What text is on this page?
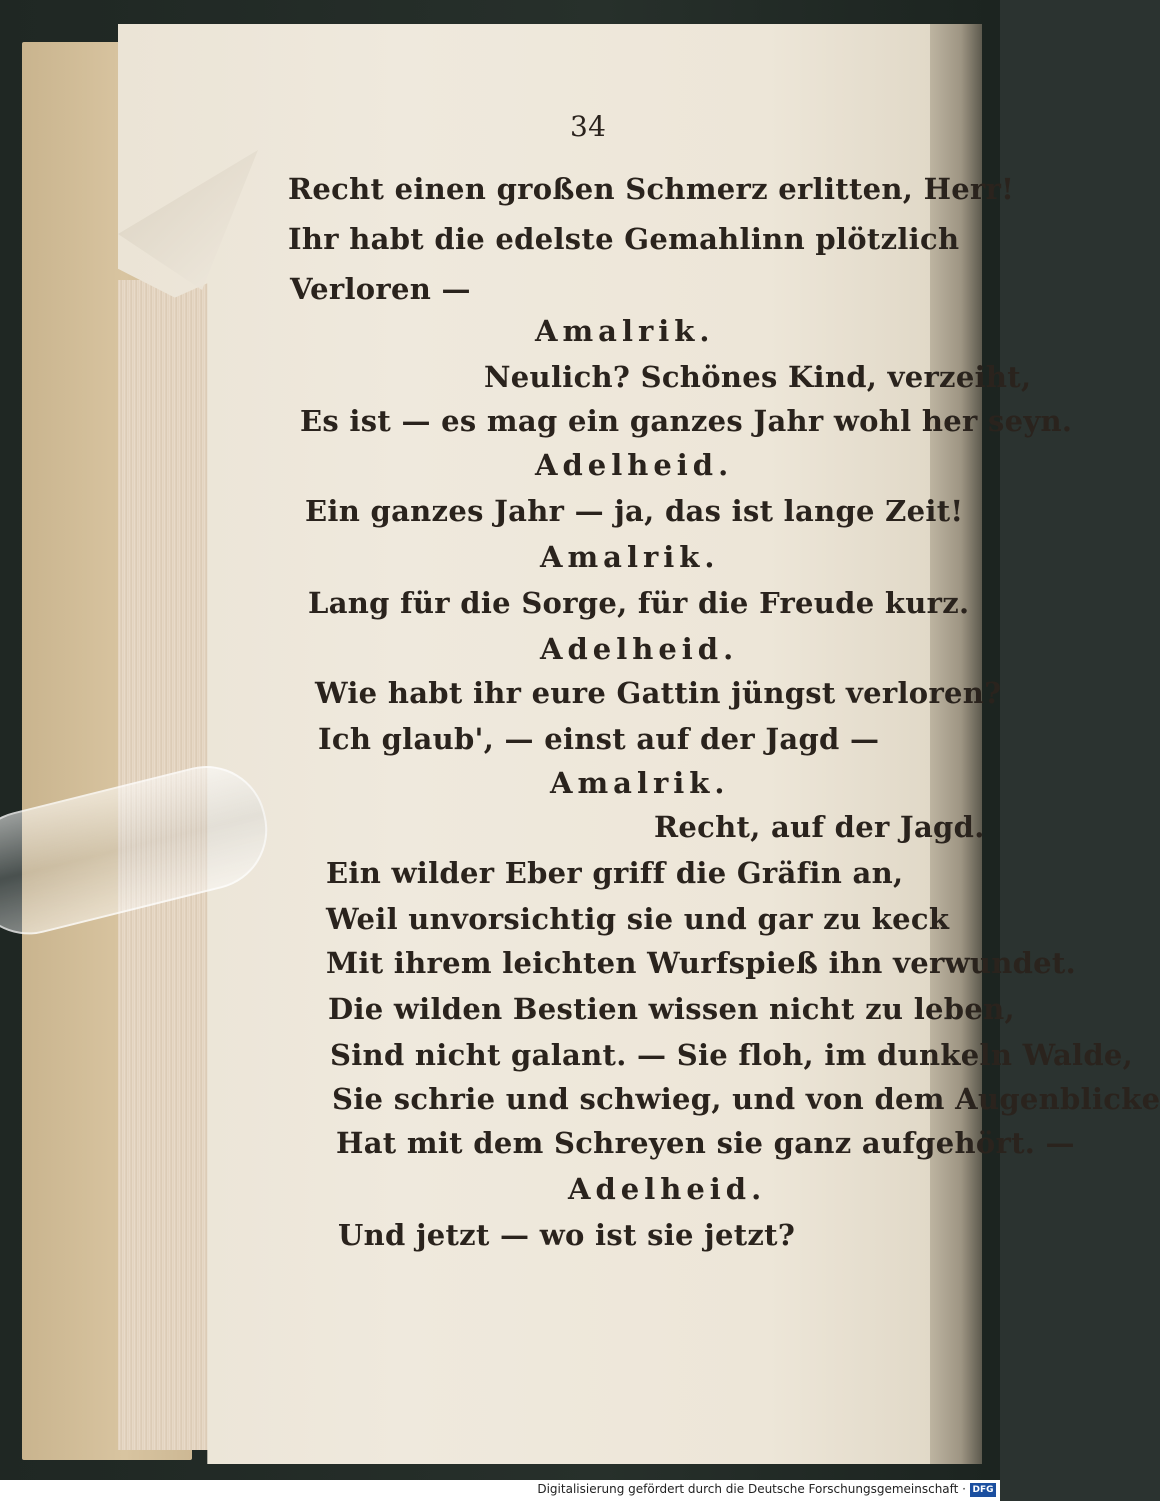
34
Recht einen großen Schmerz erlitten, Herr!
Ihr habt die edelste Gemahlinn plötzlich
Verloren —
Amalrik.
Neulich? Schönes Kind, verzeiht,
Es ist — es mag ein ganzes Jahr wohl her seyn.
Adelheid.
Ein ganzes Jahr — ja, das ist lange Zeit!
Amalrik.
Lang für die Sorge, für die Freude kurz.
Adelheid.
Wie habt ihr eure Gattin jüngst verloren?
Ich glaub', — einst auf der Jagd —
Amalrik.
Recht, auf der Jagd.
Ein wilder Eber griff die Gräfin an,
Weil unvorsichtig sie und gar zu keck
Mit ihrem leichten Wurfspieß ihn verwundet.
Die wilden Bestien wissen nicht zu leben,
Sind nicht galant. — Sie floh, im dunkeln Walde,
Sie schrie und schwieg, und von dem Augenblicke
Hat mit dem Schreyen sie ganz aufgehört. —
Adelheid.
Und jetzt — wo ist sie jetzt?
Digitalisierung gefördert durch die Deutsche Forschungsgemeinschaft · DFG
